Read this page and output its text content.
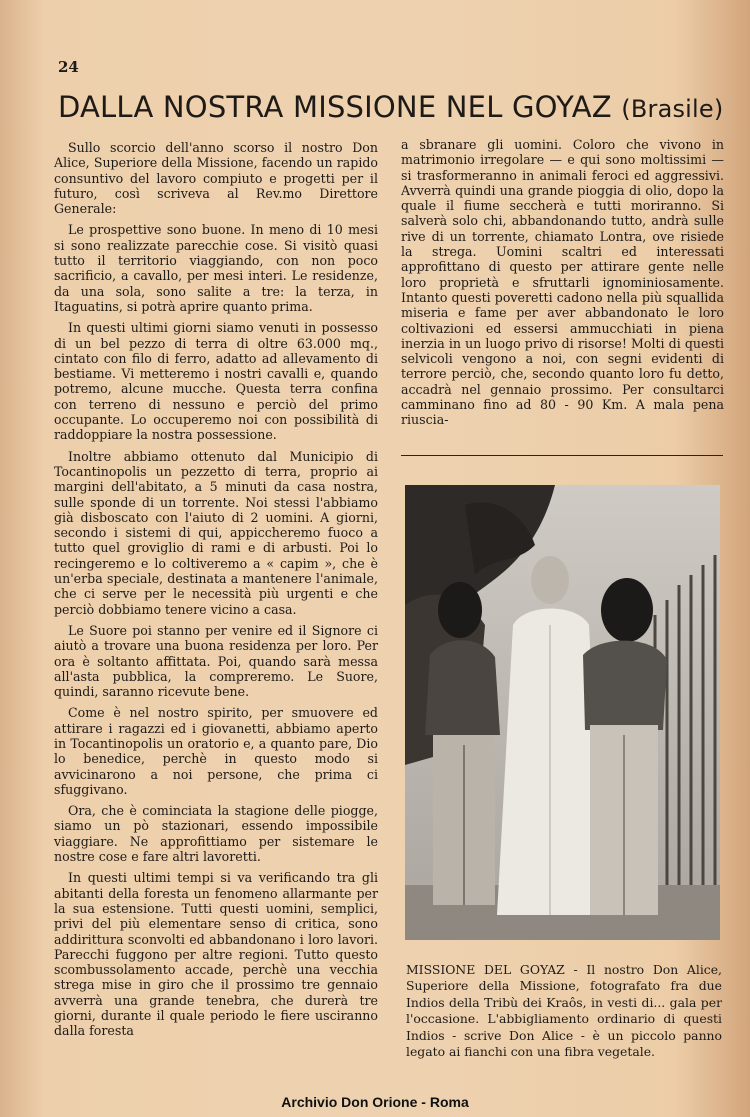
24
DALLA NOSTRA MISSIONE NEL GOYAZ (Brasile)

Sullo scorcio dell'anno scorso il nostro Don Alice, Superiore della Missione, facendo un rapido consuntivo del lavoro compiuto e progetti per il futuro, così scriveva al Rev.mo Direttore Generale:

Le prospettive sono buone. In meno di 10 mesi si sono realizzate parecchie cose. Si visitò quasi tutto il territorio viaggiando, con non poco sacrificio, a cavallo, per mesi interi. Le residenze, da una sola, sono salite a tre: la terza, in Itaguatins, si potrà aprire quanto prima.

In questi ultimi giorni siamo venuti in possesso di un bel pezzo di terra di oltre 63.000 mq., cintato con filo di ferro, adatto ad allevamento di bestiame. Vi metteremo i nostri cavalli e, quando potremo, alcune mucche. Questa terra confina con terreno di nessuno e perciò del primo occupante. Lo occuperemo noi con possibilità di raddoppiare la nostra possessione.

Inoltre abbiamo ottenuto dal Municipio di Tocantinopolis un pezzetto di terra, proprio ai margini dell'abitato, a 5 minuti da casa nostra, sulle sponde di un torrente. Noi stessi l'abbiamo già disboscato con l'aiuto di 2 uomini. A giorni, secondo i sistemi di qui, appiccheremo fuoco a tutto quel groviglio di rami e di arbusti. Poi lo recingeremo e lo coltiveremo a « capim », che è un'erba speciale, destinata a mantenere l'animale, che ci serve per le necessità più urgenti e che perciò dobbiamo tenere vicino a casa.

Le Suore poi stanno per venire ed il Signore ci aiutò a trovare una buona residenza per loro. Per ora è soltanto affittata. Poi, quando sarà messa all'asta pubblica, la compreremo. Le Suore, quindi, saranno ricevute bene.

Come è nel nostro spirito, per smuovere ed attirare i ragazzi ed i giovanetti, abbiamo aperto in Tocantinopolis un oratorio e, a quanto pare, Dio lo benedice, perchè in questo modo si avvicinarono a noi persone, che prima ci sfuggivano.

Ora, che è cominciata la stagione delle piogge, siamo un pò stazionari, essendo impossibile viaggiare. Ne approfittiamo per sistemare le nostre cose e fare altri lavoretti.

In questi ultimi tempi si va verificando tra gli abitanti della foresta un fenomeno allarmante per la sua estensione. Tutti questi uomini, semplici, privi del più elementare senso di critica, sono addirittura sconvolti ed abbandonano i loro lavori. Parecchi fuggono per altre regioni. Tutto questo scombussolamento accade, perchè una vecchia strega mise in giro che il prossimo tre gennaio avverrà una grande tenebra, che durerà tre giorni, durante il quale periodo le fiere usciranno dalla foresta

a sbranare gli uomini. Coloro che vivono in matrimonio irregolare — e qui sono moltissimi — si trasformeranno in animali feroci ed aggressivi. Avverrà quindi una grande pioggia di olio, dopo la quale il fiume seccherà e tutti moriranno. Si salverà solo chi, abbandonando tutto, andrà sulle rive di un torrente, chiamato Lontra, ove risiede la strega. Uomini scaltri ed interessati approfittano di questo per attirare gente nelle loro proprietà e sfruttarli ignominiosamente. Intanto questi poveretti cadono nella più squallida miseria e fame per aver abbandonato le loro coltivazioni ed essersi ammucchiati in piena inerzia in un luogo privo di risorse! Molti di questi selvicoli vengono a noi, con segni evidenti di terrore perciò, che, secondo quanto loro fu detto, accadrà nel gennaio prossimo. Per consultarci camminano fino ad 80 - 90 Km. A mala pena riuscia-

MISSIONE DEL GOYAZ - Il nostro Don Alice, Superiore della Missione, fotografato fra due Indios della Tribù dei Kraôs, in vesti di... gala per l'occasione. L'abbigliamento ordinario di questi Indios - scrive Don Alice - è un piccolo panno legato ai fianchi con una fibra vegetale.
Archivio Don Orione - Roma
